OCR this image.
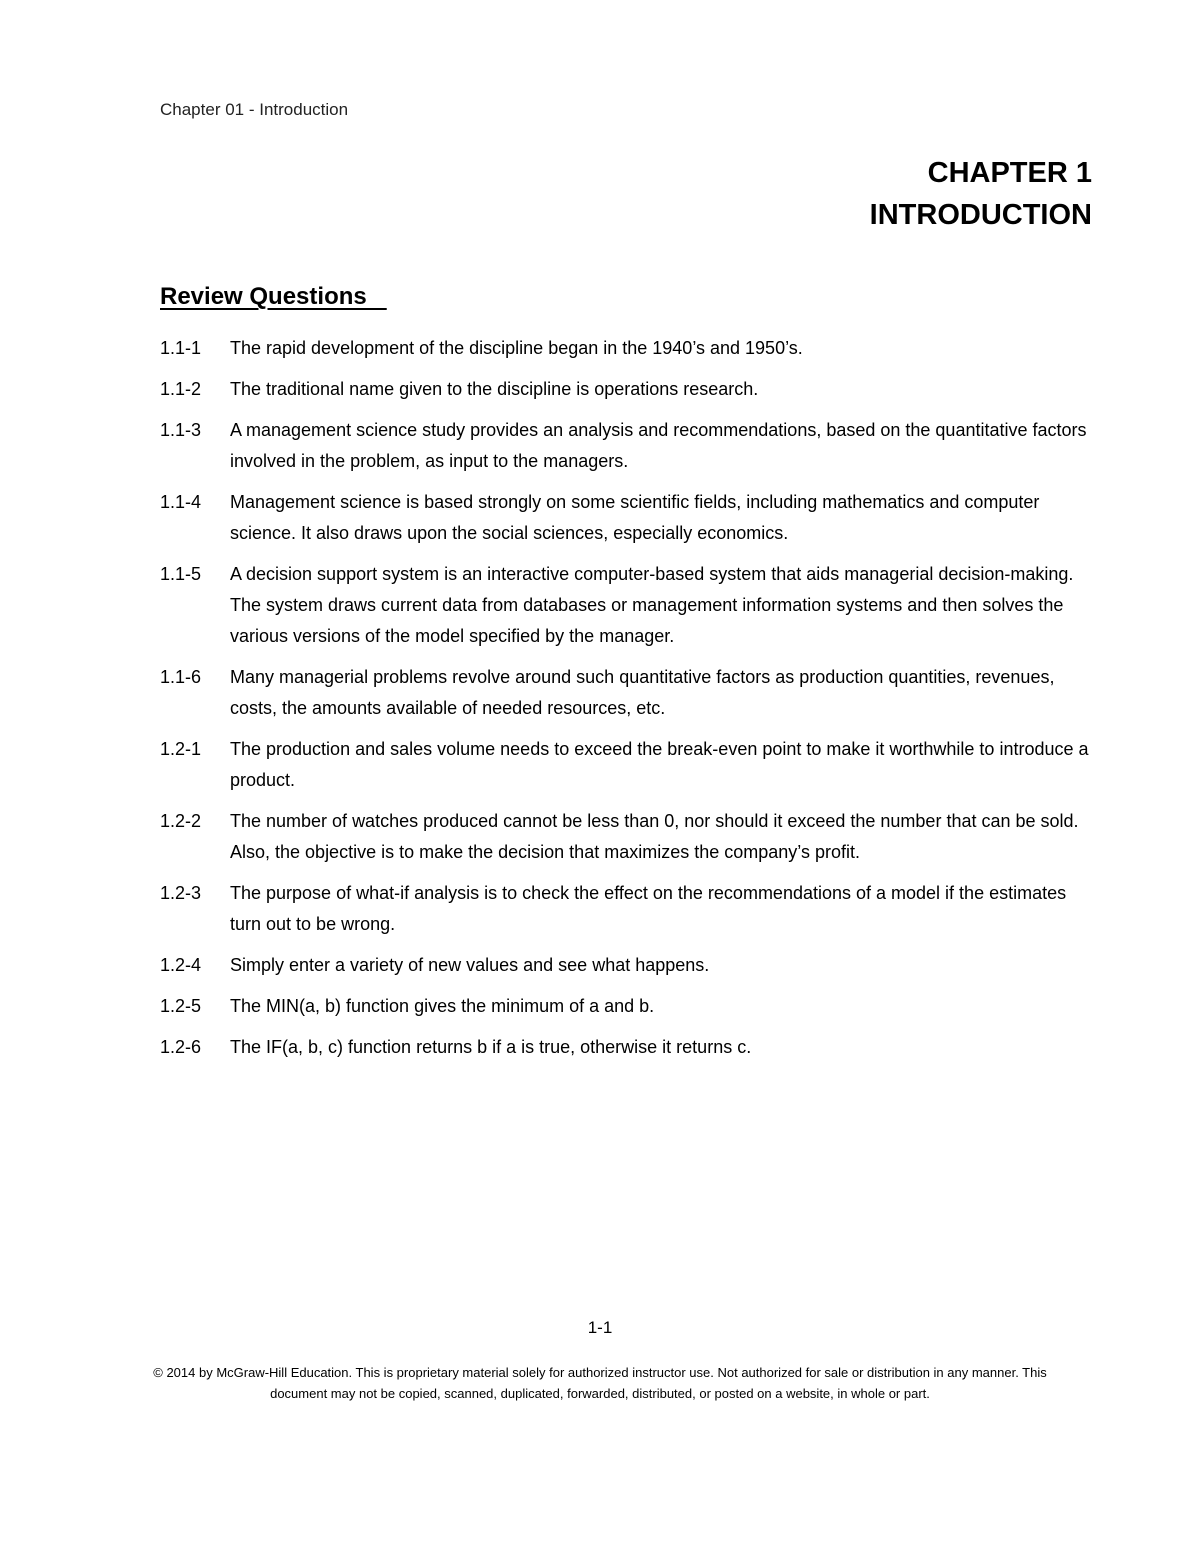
Chapter 01 - Introduction
CHAPTER 1
INTRODUCTION
Review Questions
1.1-1	The rapid development of the discipline began in the 1940’s and 1950’s.
1.1-2	The traditional name given to the discipline is operations research.
1.1-3	A management science study provides an analysis and recommendations, based on the quantitative factors involved in the problem, as input to the managers.
1.1-4	Management science is based strongly on some scientific fields, including mathematics and computer science. It also draws upon the social sciences, especially economics.
1.1-5	A decision support system is an interactive computer-based system that aids managerial decision-making. The system draws current data from databases or management information systems and then solves the various versions of the model specified by the manager.
1.1-6	Many managerial problems revolve around such quantitative factors as production quantities, revenues, costs, the amounts available of needed resources, etc.
1.2-1	The production and sales volume needs to exceed the break-even point to make it worthwhile to introduce a product.
1.2-2	The number of watches produced cannot be less than 0, nor should it exceed the number that can be sold. Also, the objective is to make the decision that maximizes the company’s profit.
1.2-3	The purpose of what-if analysis is to check the effect on the recommendations of a model if the estimates turn out to be wrong.
1.2-4	Simply enter a variety of new values and see what happens.
1.2-5	The MIN(a, b) function gives the minimum of a and b.
1.2-6	The IF(a, b, c) function returns b if a is true, otherwise it returns c.
1-1
© 2014 by McGraw-Hill Education. This is proprietary material solely for authorized instructor use. Not authorized for sale or distribution in any manner. This document may not be copied, scanned, duplicated, forwarded, distributed, or posted on a website, in whole or part.
